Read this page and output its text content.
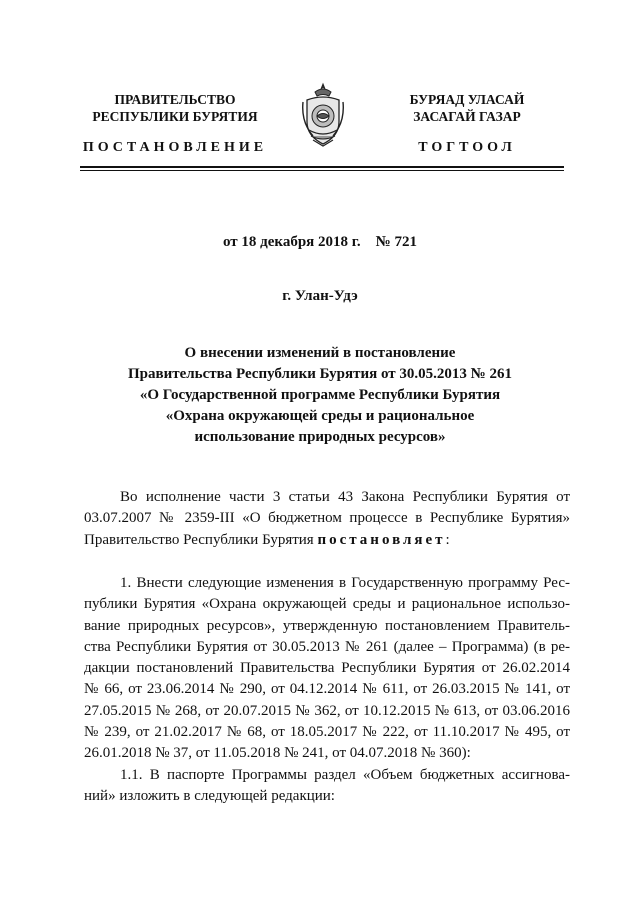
ПРАВИТЕЛЬСТВО
РЕСПУБЛИКИ БУРЯТИЯ
БУРЯАД УЛАСАЙ
ЗАСАГАЙ ГАЗАР
ПОСТАНОВЛЕНИЕ	ТОГТООЛ
от 18 декабря 2018 г.    № 721
г. Улан-Удэ
О внесении изменений в постановление
Правительства Республики Бурятия от 30.05.2013 № 261
«О Государственной программе Республики Бурятия
«Охрана окружающей среды и рациональное
использование природных ресурсов»
Во исполнение части 3 статьи 43 Закона Республики Бурятия от
03.07.2007 № 2359-III «О бюджетном процессе в Республике Бурятия»
Правительство Республики Бурятия постановляет:
1. Внести следующие изменения в Государственную программу Рес-
публики Бурятия «Охрана окружающей среды и рациональное использо-
вание природных ресурсов», утвержденную постановлением Правитель-
ства Республики Бурятия от 30.05.2013 № 261 (далее – Программа) (в ре-
дакции постановлений Правительства Республики Бурятия от 26.02.2014
№ 66, от 23.06.2014 № 290, от 04.12.2014 № 611, от 26.03.2015 № 141, от
27.05.2015 № 268, от 20.07.2015 № 362, от 10.12.2015 № 613, от 03.06.2016
№ 239, от 21.02.2017 № 68, от 18.05.2017 № 222, от 11.10.2017 № 495, от
26.01.2018 № 37, от 11.05.2018 № 241, от 04.07.2018 № 360):
1.1. В паспорте Программы раздел «Объем бюджетных ассигнова-
ний» изложить в следующей редакции:
